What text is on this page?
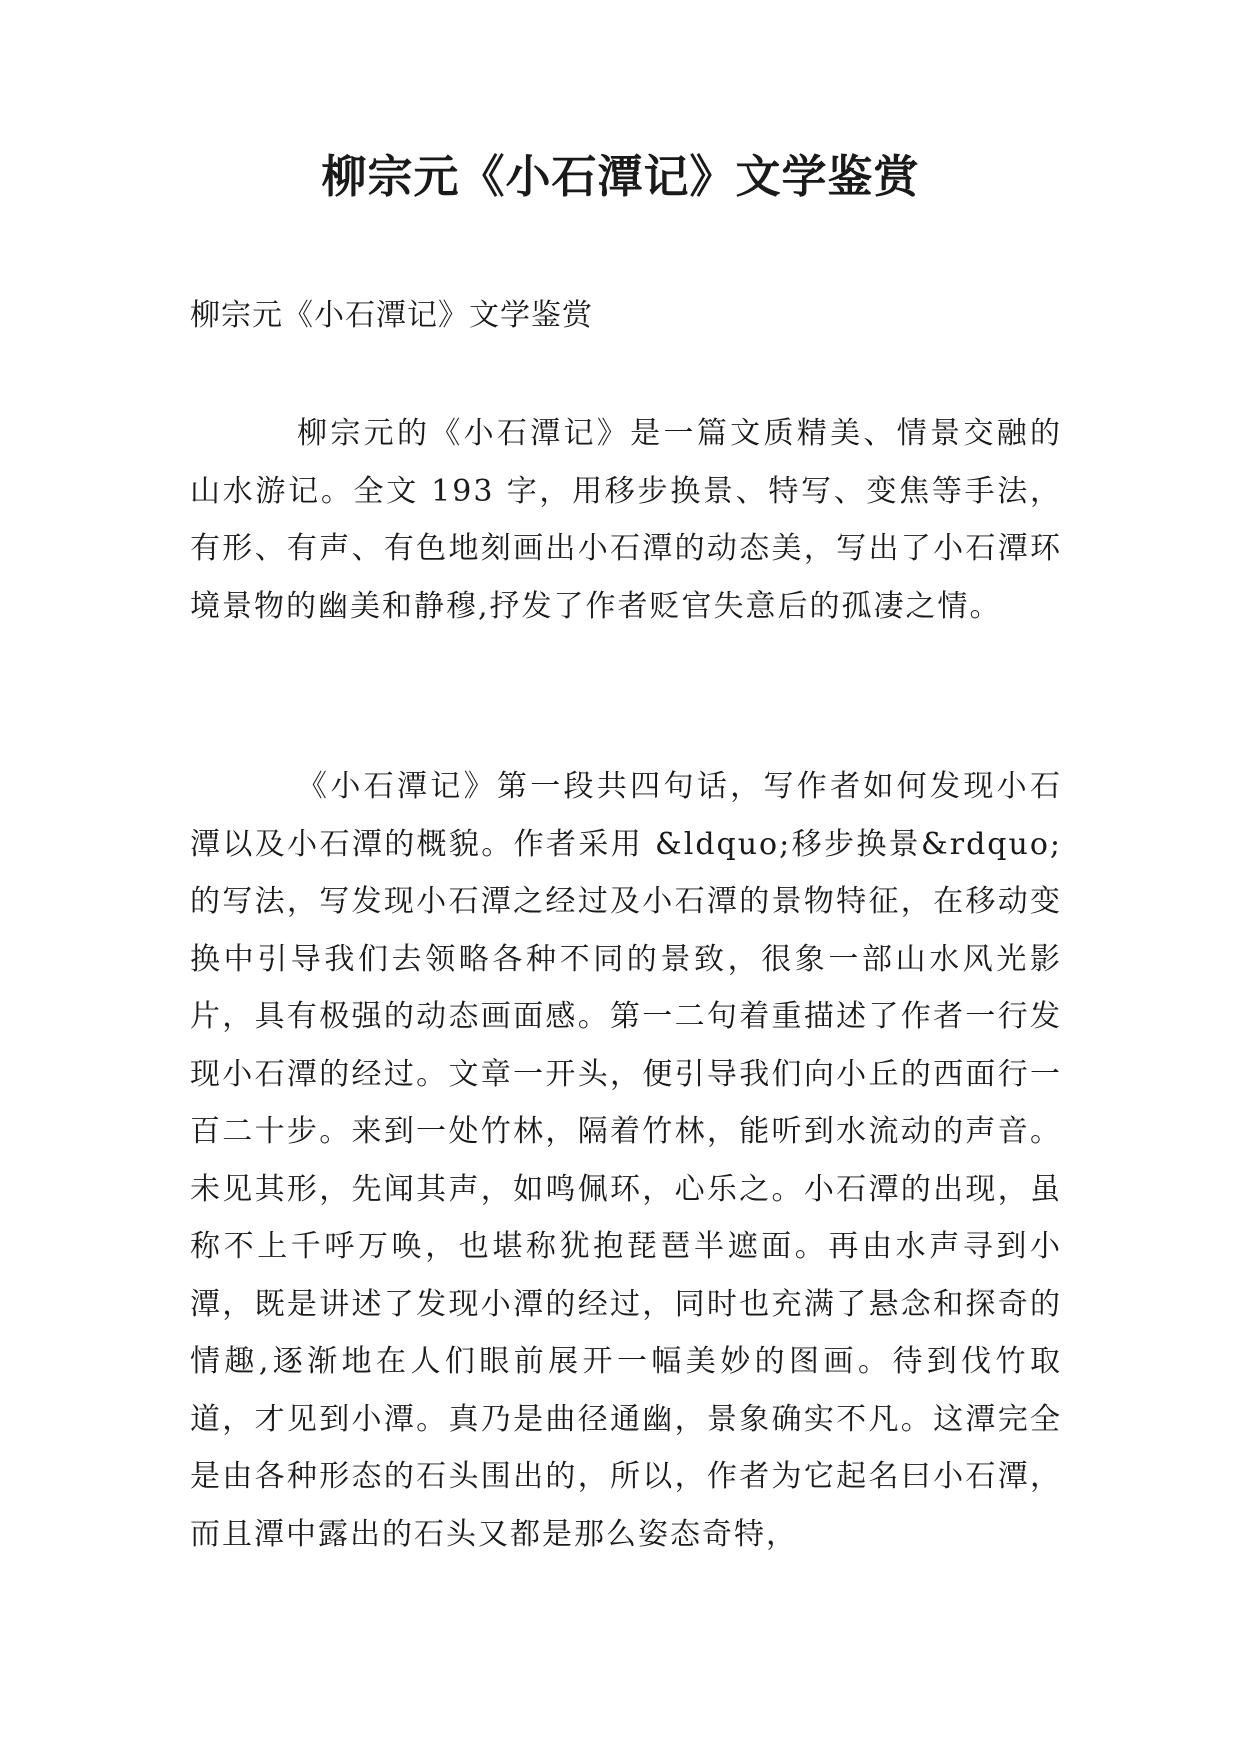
柳宗元《小石潭记》文学鉴赏

柳宗元《小石潭记》文学鉴赏

柳宗元的《小石潭记》是一篇文质精美、情景交融的山水游记。全文 193 字，用移步换景、特写、变焦等手法，有形、有声、有色地刻画出小石潭的动态美，写出了小石潭环境景物的幽美和静穆,抒发了作者贬官失意后的孤凄之情。

《小石潭记》第一段共四句话，写作者如何发现小石潭以及小石潭的概貌。作者采用 &ldquo;移步换景&rdquo;的写法，写发现小石潭之经过及小石潭的景物特征，在移动变换中引导我们去领略各种不同的景致，很象一部山水风光影片，具有极强的动态画面感。第一二句着重描述了作者一行发现小石潭的经过。文章一开头，便引导我们向小丘的西面行一百二十步。来到一处竹林，隔着竹林，能听到水流动的声音。未见其形，先闻其声，如鸣佩环，心乐之。小石潭的出现，虽称不上千呼万唤，也堪称犹抱琵琶半遮面。再由水声寻到小潭，既是讲述了发现小潭的经过，同时也充满了悬念和探奇的情趣,逐渐地在人们眼前展开一幅美妙的图画。待到伐竹取道，才见到小潭。真乃是曲径通幽，景象确实不凡。这潭完全是由各种形态的石头围出的，所以，作者为它起名曰小石潭，而且潭中露出的石头又都是那么姿态奇特，
